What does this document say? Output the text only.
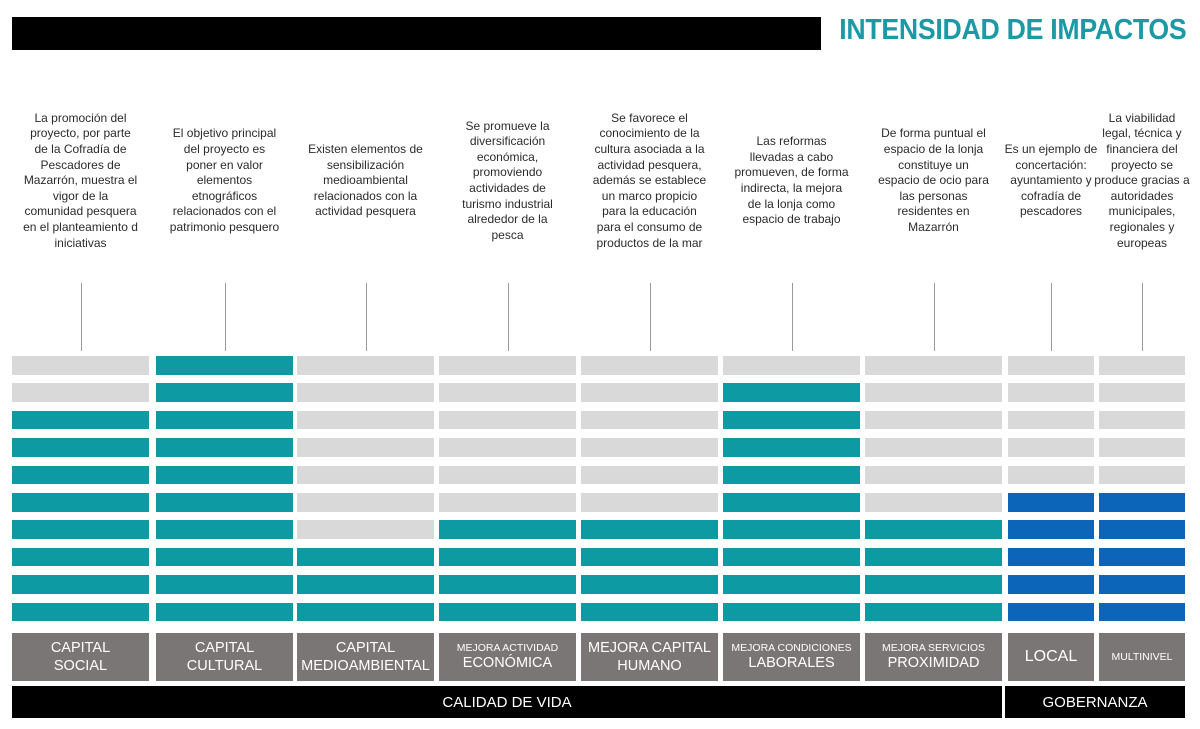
INTENSIDAD DE IMPACTOS
La promoción del
proyecto, por parte
de la Cofradía de
Pescadores de
Mazarrón, muestra el
vigor de la
comunidad pesquera
en el planteamiento d
iniciativas
CAPITAL
SOCIAL
El objetivo principal
del proyecto es
poner en valor
elementos
etnográficos
relacionados con el
patrimonio pesquero
CAPITAL
CULTURAL
Existen elementos de
sensibilización
medioambiental
relacionados con la
actividad pesquera
CAPITAL
MEDIOAMBIENTAL
Se promueve la
diversificación
económica,
promoviendo
actividades de
turismo industrial
alrededor de la
pesca
MEJORA ACTIVIDAD
ECONÓMICA
Se favorece el
conocimiento de la
cultura asociada a la
actividad pesquera,
además se establece
un marco propicio
para la educación
para el consumo de
productos de la mar
MEJORA CAPITAL
HUMANO
Las reformas
llevadas a cabo
promueven, de forma
indirecta, la mejora
de la lonja como
espacio de trabajo
MEJORA CONDICIONES
LABORALES
De forma puntual el
espacio de la lonja
constituye un
espacio de ocio para
las personas
residentes en
Mazarrón
MEJORA SERVICIOS
PROXIMIDAD
Es un ejemplo de
concertación:
ayuntamiento y
cofradía de
pescadores
LOCAL
La viabilidad
legal, técnica y
financiera del
proyecto se
produce gracias a
autoridades
municipales,
regionales y
europeas
MULTINIVEL
CALIDAD DE VIDA	GOBERNANZA
